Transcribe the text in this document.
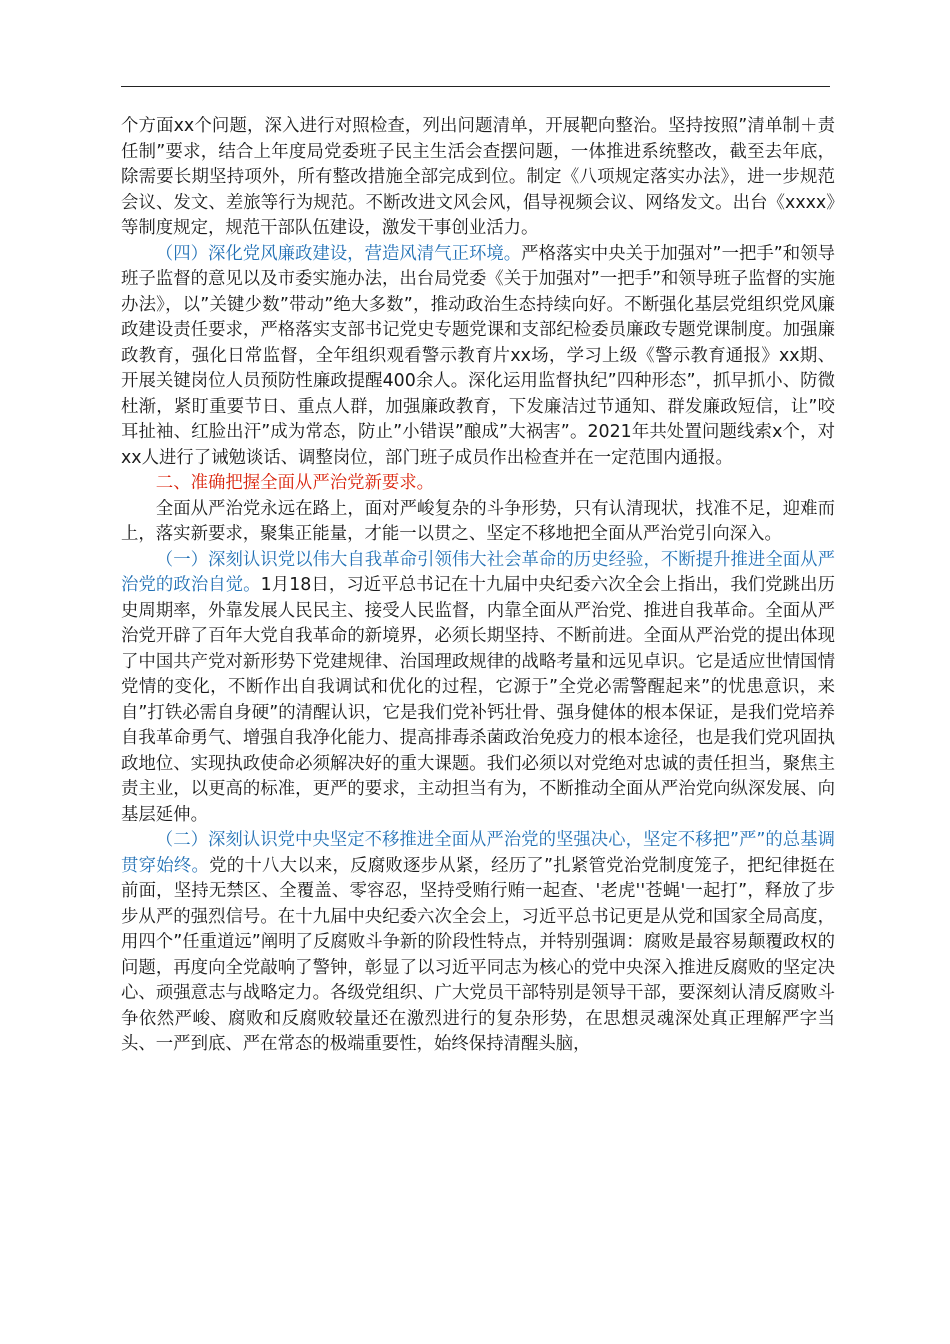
个方面xx个问题，深入进行对照检查，列出问题清单，开展靶向整治。坚持按照”清单制＋责任制”要求，结合上年度局党委班子民主生活会查摆问题，一体推进系统整改，截至去年底，除需要长期坚持项外，所有整改措施全部完成到位。制定《八项规定落实办法》，进一步规范会议、发文、差旅等行为规范。不断改进文风会风，倡导视频会议、网络发文。出台《xxxx》等制度规定，规范干部队伍建设，激发干事创业活力。

（四）深化党风廉政建设，营造风清气正环境。严格落实中央关于加强对”一把手”和领导班子监督的意见以及市委实施办法，出台局党委《关于加强对”一把手”和领导班子监督的实施办法》，以”关键少数”带动”绝大多数”，推动政治生态持续向好。不断强化基层党组织党风廉政建设责任要求，严格落实支部书记党史专题党课和支部纪检委员廉政专题党课制度。加强廉政教育，强化日常监督，全年组织观看警示教育片xx场，学习上级《警示教育通报》xx期、开展关键岗位人员预防性廉政提醒400余人。深化运用监督执纪”四种形态”，抓早抓小、防微杜渐，紧盯重要节日、重点人群，加强廉政教育，下发廉洁过节通知、群发廉政短信，让”咬耳扯袖、红脸出汗”成为常态，防止”小错误”酿成”大祸害”。2021年共处置问题线索x个，对xx人进行了诫勉谈话、调整岗位，部门班子成员作出检查并在一定范围内通报。

二、准确把握全面从严治党新要求。

全面从严治党永远在路上，面对严峻复杂的斗争形势，只有认清现状，找准不足，迎难而上，落实新要求，聚集正能量，才能一以贯之、坚定不移地把全面从严治党引向深入。

（一）深刻认识党以伟大自我革命引领伟大社会革命的历史经验，不断提升推进全面从严治党的政治自觉。1月18日，习近平总书记在十九届中央纪委六次全会上指出，我们党跳出历史周期率，外靠发展人民民主、接受人民监督，内靠全面从严治党、推进自我革命。全面从严治党开辟了百年大党自我革命的新境界，必须长期坚持、不断前进。全面从严治党的提出体现了中国共产党对新形势下党建规律、治国理政规律的战略考量和远见卓识。它是适应世情国情党情的变化，不断作出自我调试和优化的过程，它源于”全党必需警醒起来”的忧患意识，来自”打铁必需自身硬”的清醒认识，它是我们党补钙壮骨、强身健体的根本保证，是我们党培养自我革命勇气、增强自我净化能力、提高排毒杀菌政治免疫力的根本途径，也是我们党巩固执政地位、实现执政使命必须解决好的重大课题。我们必须以对党绝对忠诚的责任担当，聚焦主责主业，以更高的标准，更严的要求，主动担当有为，不断推动全面从严治党向纵深发展、向基层延伸。

（二）深刻认识党中央坚定不移推进全面从严治党的坚强决心，坚定不移把”严”的总基调贯穿始终。党的十八大以来，反腐败逐步从紧，经历了”扎紧管党治党制度笼子，把纪律挺在前面，坚持无禁区、全覆盖、零容忍，坚持受贿行贿一起查、'老虎''苍蝇'一起打”，释放了步步从严的强烈信号。在十九届中央纪委六次全会上，习近平总书记更是从党和国家全局高度，用四个”任重道远”阐明了反腐败斗争新的阶段性特点，并特别强调：腐败是最容易颠覆政权的问题，再度向全党敲响了警钟，彰显了以习近平同志为核心的党中央深入推进反腐败的坚定决心、顽强意志与战略定力。各级党组织、广大党员干部特别是领导干部，要深刻认清反腐败斗争依然严峻、腐败和反腐败较量还在激烈进行的复杂形势，在思想灵魂深处真正理解严字当头、一严到底、严在常态的极端重要性，始终保持清醒头脑，
